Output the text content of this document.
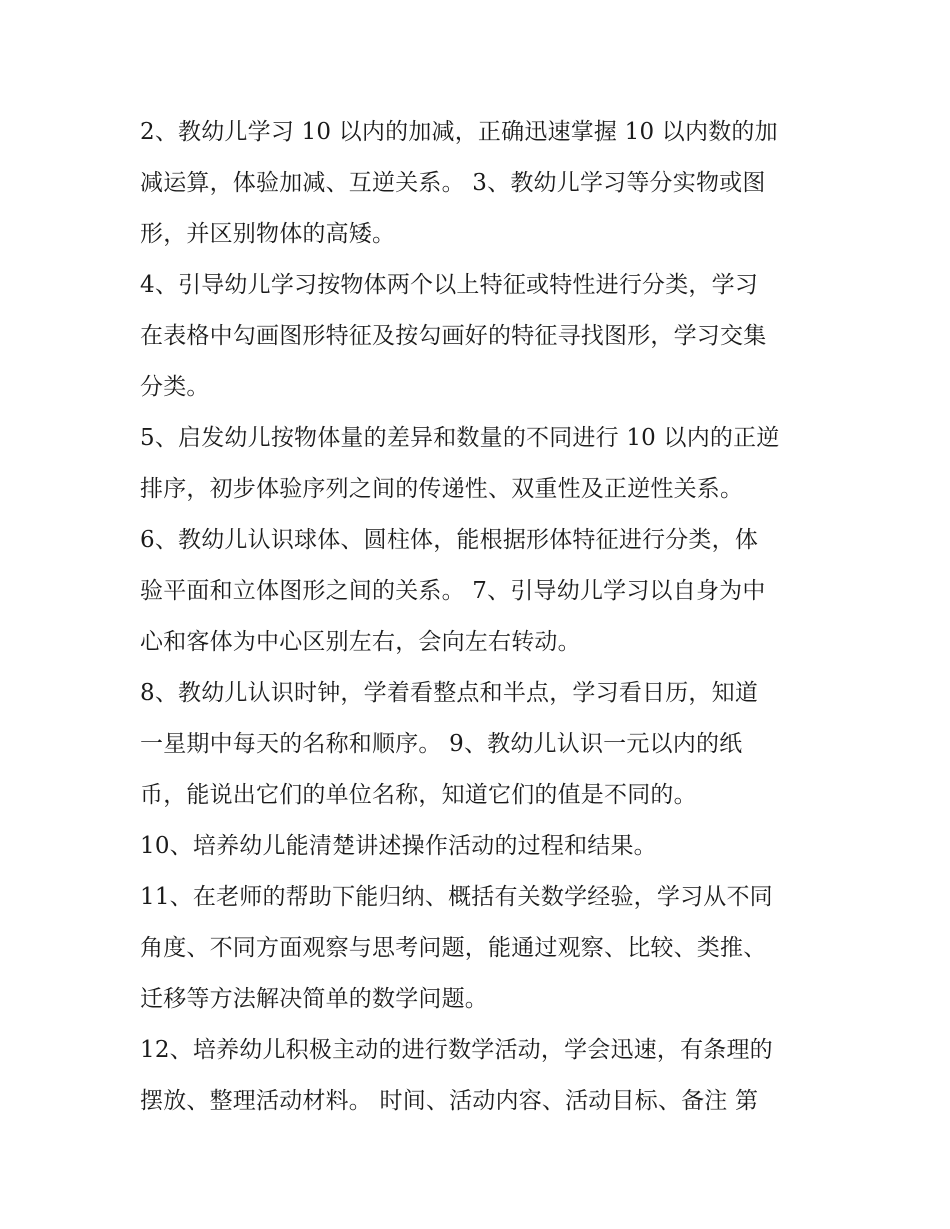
2、教幼儿学习 10 以内的加减，正确迅速掌握 10 以内数的加
减运算，体验加减、互逆关系。 3、教幼儿学习等分实物或图
形，并区别物体的高矮。
4、引导幼儿学习按物体两个以上特征或特性进行分类，学习
在表格中勾画图形特征及按勾画好的特征寻找图形，学习交集
分类。
5、启发幼儿按物体量的差异和数量的不同进行 10 以内的正逆
排序，初步体验序列之间的传递性、双重性及正逆性关系。
6、教幼儿认识球体、圆柱体，能根据形体特征进行分类，体
验平面和立体图形之间的关系。 7、引导幼儿学习以自身为中
心和客体为中心区别左右，会向左右转动。
8、教幼儿认识时钟，学着看整点和半点，学习看日历，知道
一星期中每天的名称和顺序。 9、教幼儿认识一元以内的纸
币，能说出它们的单位名称，知道它们的值是不同的。
10、培养幼儿能清楚讲述操作活动的过程和结果。
11、在老师的帮助下能归纳、概括有关数学经验，学习从不同
角度、不同方面观察与思考问题，能通过观察、比较、类推、
迁移等方法解决简单的数学问题。
12、培养幼儿积极主动的进行数学活动，学会迅速，有条理的
摆放、整理活动材料。 时间、活动内容、活动目标、备注 第
